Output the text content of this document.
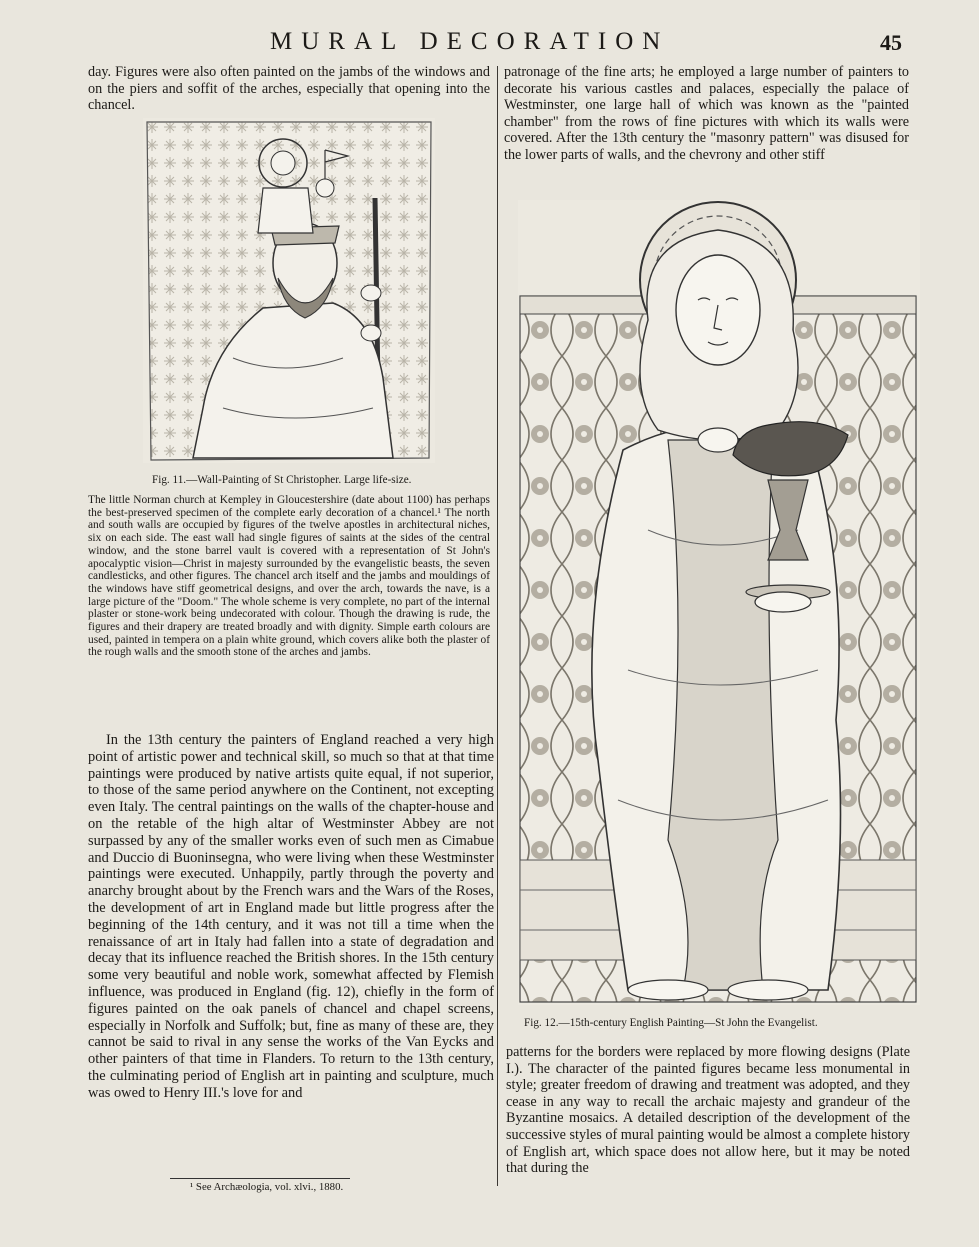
MURAL DECORATION	45

day. Figures were also often painted on the jambs of the windows and on the piers and soffit of the arches, especially that opening into the chancel.

Fig. 11.—Wall-Painting of St Christopher. Large life-size.

The little Norman church at Kempley in Gloucestershire (date about 1100) has perhaps the best-preserved specimen of the complete early decoration of a chancel.¹ The north and south walls are occupied by figures of the twelve apostles in architectural niches, six on each side. The east wall had single figures of saints at the sides of the central window, and the stone barrel vault is covered with a representation of St John's apocalyptic vision—Christ in majesty surrounded by the evangelistic beasts, the seven candlesticks, and other figures. The chancel arch itself and the jambs and mouldings of the windows have stiff geometrical designs, and over the arch, towards the nave, is a large picture of the "Doom." The whole scheme is very complete, no part of the internal plaster or stone-work being undecorated with colour. Though the drawing is rude, the figures and their drapery are treated broadly and with dignity. Simple earth colours are used, painted in tempera on a plain white ground, which covers alike both the plaster of the rough walls and the smooth stone of the arches and jambs.

In the 13th century the painters of England reached a very high point of artistic power and technical skill, so much so that at that time paintings were produced by native artists quite equal, if not superior, to those of the same period anywhere on the Continent, not excepting even Italy. The central paintings on the walls of the chapter-house and on the retable of the high altar of Westminster Abbey are not surpassed by any of the smaller works even of such men as Cimabue and Duccio di Buoninsegna, who were living when these Westminster paintings were executed. Unhappily, partly through the poverty and anarchy brought about by the French wars and the Wars of the Roses, the development of art in England made but little progress after the beginning of the 14th century, and it was not till a time when the renaissance of art in Italy had fallen into a state of degradation and decay that its influence reached the British shores. In the 15th century some very beautiful and noble work, somewhat affected by Flemish influence, was produced in England (fig. 12), chiefly in the form of figures painted on the oak panels of chancel and chapel screens, especially in Norfolk and Suffolk; but, fine as many of these are, they cannot be said to rival in any sense the works of the Van Eycks and other painters of that time in Flanders. To return to the 13th century, the culminating period of English art in painting and sculpture, much was owed to Henry III.'s love for and

¹ See Archæologia, vol. xlvi., 1880.

patronage of the fine arts; he employed a large number of painters to decorate his various castles and palaces, especially the palace of Westminster, one large hall of which was known as the "painted chamber" from the rows of fine pictures with which its walls were covered. After the 13th century the "masonry pattern" was disused for the lower parts of walls, and the chevrony and other stiff

Fig. 12.—15th-century English Painting—St John the Evangelist.

patterns for the borders were replaced by more flowing designs (Plate I.). The character of the painted figures became less monumental in style; greater freedom of drawing and treatment was adopted, and they cease in any way to recall the archaic majesty and grandeur of the Byzantine mosaics. A detailed description of the development of the successive styles of mural painting would be almost a complete history of English art, which space does not allow here, but it may be noted that during the
